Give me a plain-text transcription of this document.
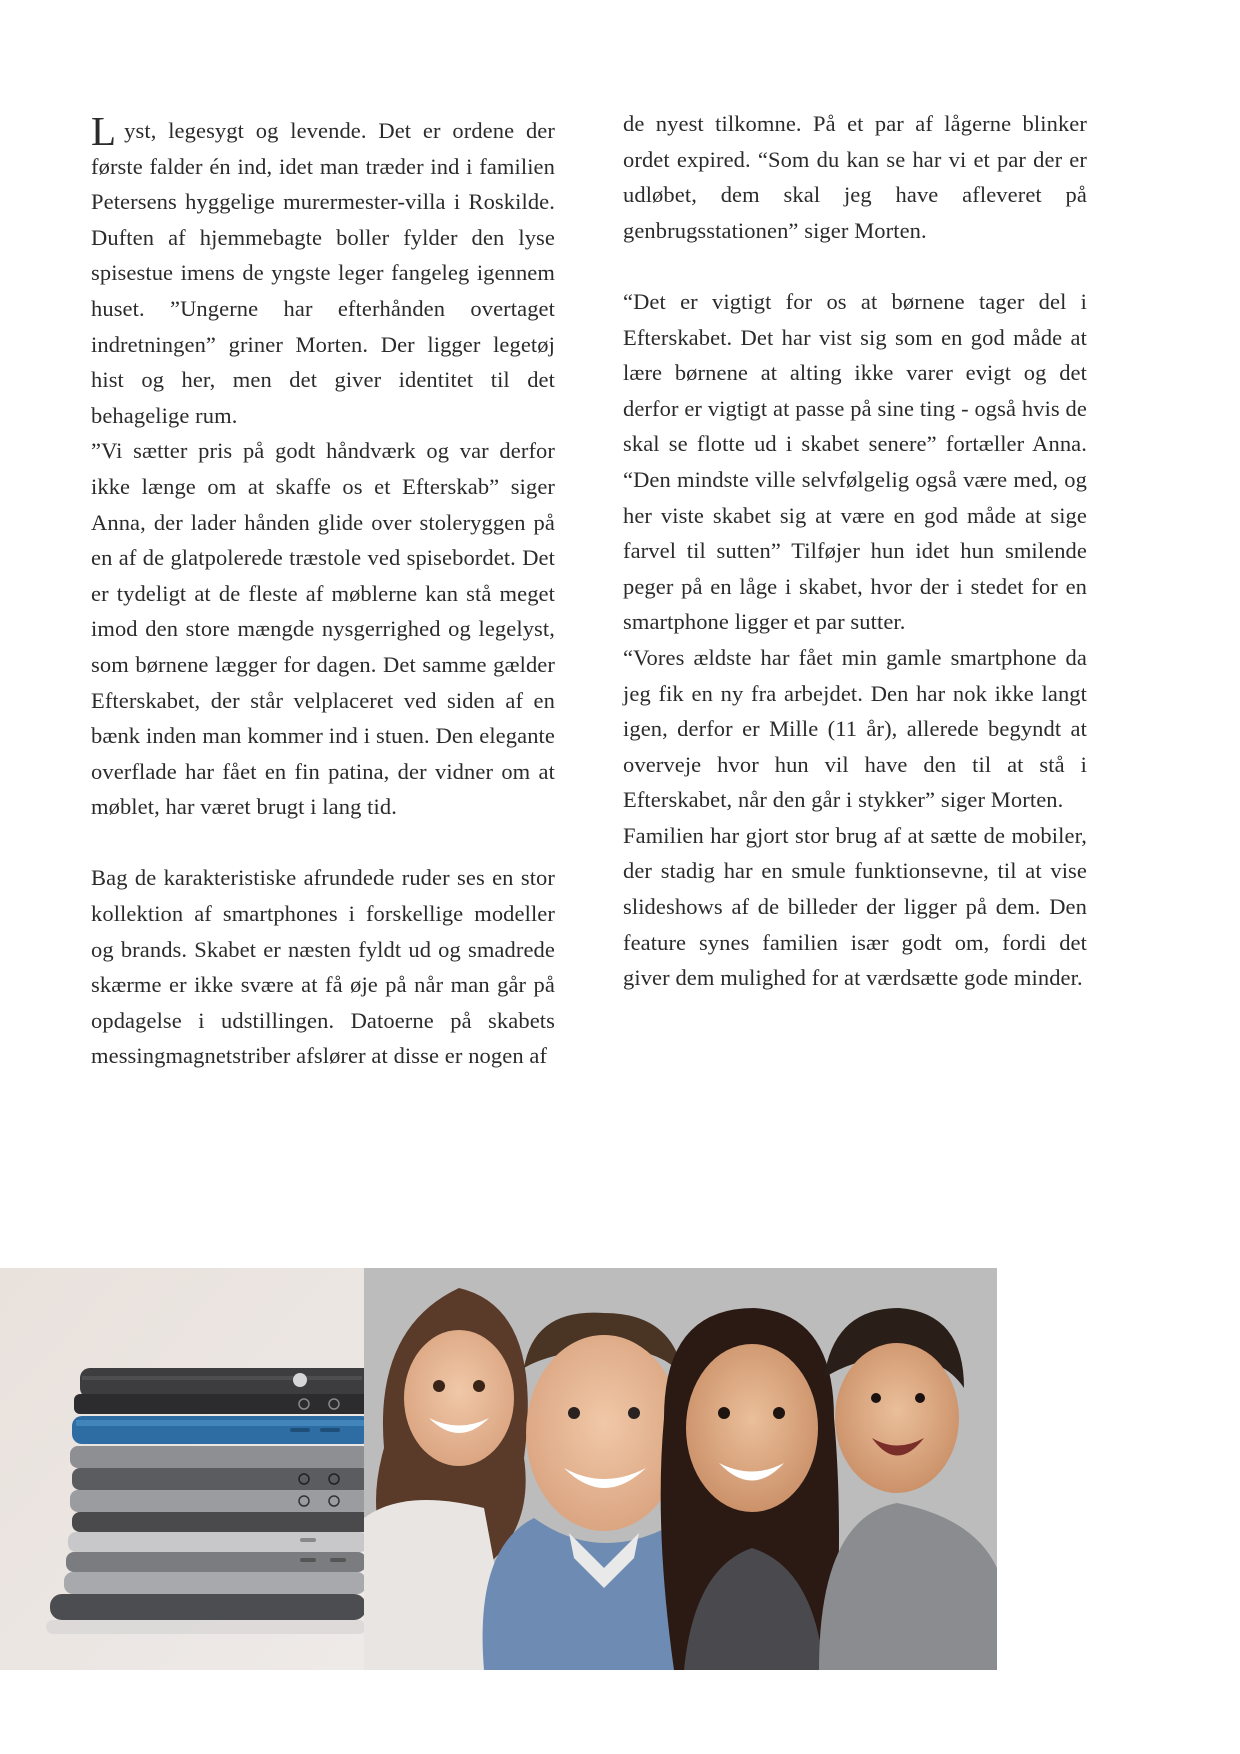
Lyst, legesygt og levende. Det er ordene der første falder én ind, idet man træder ind i familien Petersens hyggelige murermester-villa i Roskilde. Duften af hjemmebagte boller fylder den lyse spisestue imens de yngste leger fangeleg igennem huset. ”Ungerne har efterhånden overtaget indretningen” griner Morten. Der ligger legetøj hist og her, men det giver identitet til det behagelige rum.

”Vi sætter pris på godt håndværk og var derfor ikke længe om at skaffe os et Efterskab” siger Anna, der lader hånden glide over stoleryggen på en af de glatpolerede træstole ved spisebordet. Det er tydeligt at de fleste af møblerne kan stå meget imod den store mængde nysgerrighed og legelyst, som børnene lægger for dagen. Det samme gælder Efterskabet, der står velplaceret ved siden af en bænk inden man kommer ind i stuen. Den elegante overflade har fået en fin patina, der vidner om at møblet, har været brugt i lang tid.

Bag de karakteristiske afrundede ruder ses en stor kollektion af smartphones i forskellige modeller og brands. Skabet er næsten fyldt ud og smadrede skærme er ikke svære at få øje på når man går på opdagelse i udstillingen. Datoerne på skabets messingmagnetstriber afslører at disse er nogen af

de nyest tilkomne. På et par af lågerne blinker ordet expired. “Som du kan se har vi et par der er udløbet, dem skal jeg have afleveret på genbrugsstationen” siger Morten.

“Det er vigtigt for os at børnene tager del i Efterskabet. Det har vist sig som en god måde at lære børnene at alting ikke varer evigt og det derfor er vigtigt at passe på sine ting - også hvis de skal se flotte ud i skabet senere” fortæller Anna. “Den mindste ville selvfølgelig også være med, og her viste skabet sig at være en god måde at sige farvel til sutten” Tilføjer hun idet hun smilende peger på en låge i skabet, hvor der i stedet for en smartphone ligger et par sutter.

“Vores ældste har fået min gamle smartphone da jeg fik en ny fra arbejdet. Den har nok ikke langt igen, derfor er Mille (11 år), allerede begyndt at overveje hvor hun vil have den til at stå i Efterskabet, når den går i stykker” siger Morten.

Familien har gjort stor brug af at sætte de mobiler, der stadig har en smule funktionsevne, til at vise slideshows af de billeder der ligger på dem. Den feature synes familien især godt om, fordi det giver dem mulighed for at værdsætte gode minder.
